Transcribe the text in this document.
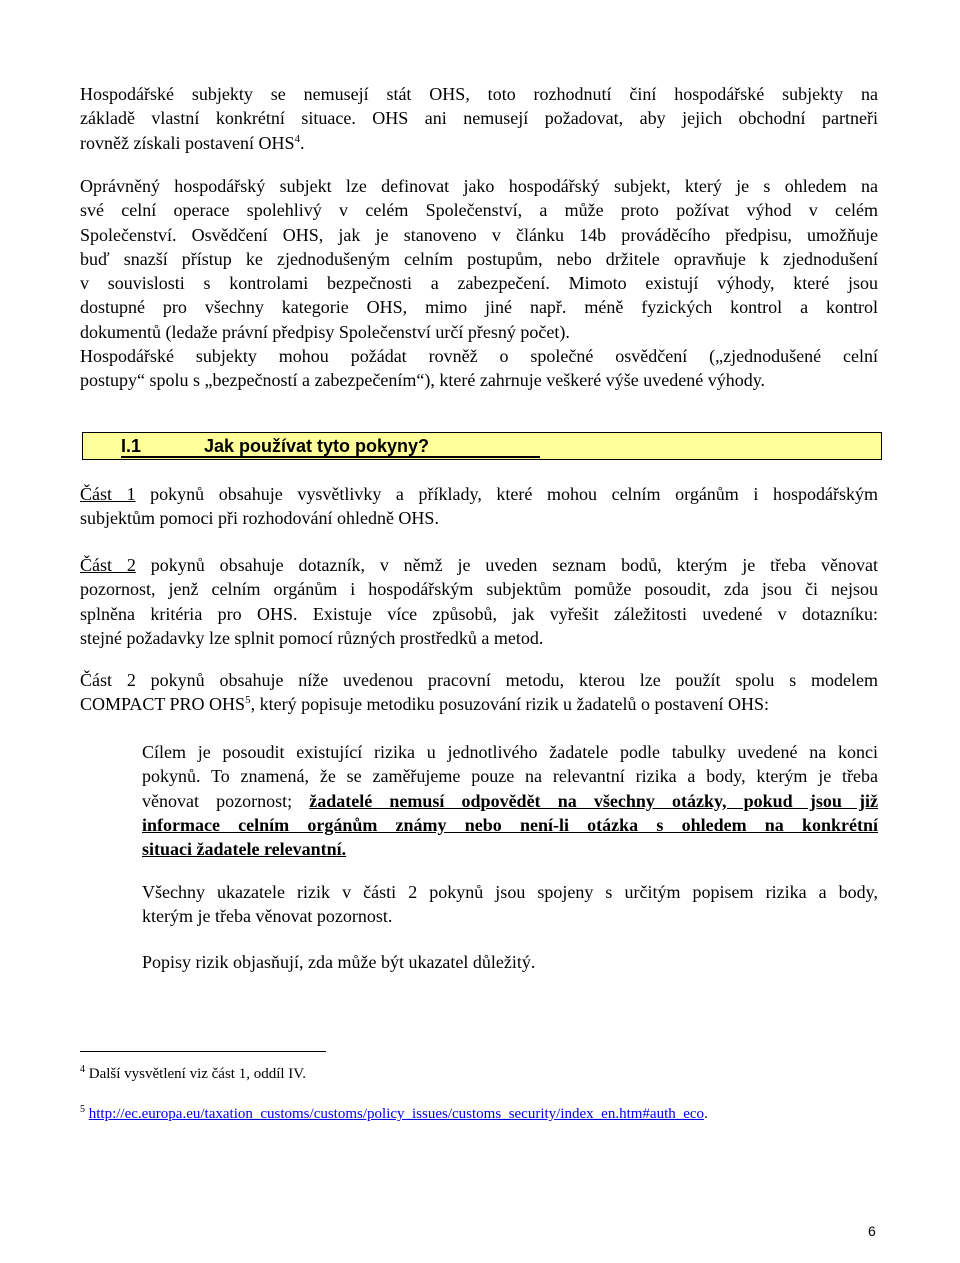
Hospodářské subjekty se nemusejí stát OHS, toto rozhodnutí činí hospodářské subjekty na
základě vlastní konkrétní situace. OHS ani nemusejí požadovat, aby jejich obchodní partneři
rovněž získali postavení OHS$^4$.
Oprávněný hospodářský subjekt lze definovat jako hospodářský subjekt, který je s ohledem na
své celní operace spolehlivý v celém Společenství, a může proto požívat výhod v celém
Společenství. Osvědčení OHS, jak je stanoveno v článku 14b prováděcího předpisu, umožňuje
buď snazší přístup ke zjednodušeným celním postupům, nebo držitele opravňuje k zjednodušení
v souvislosti s kontrolami bezpečnosti a zabezpečení. Mimoto existují výhody, které jsou
dostupné pro všechny kategorie OHS, mimo jiné např. méně fyzických kontrol a kontrol
dokumentů (ledaže právní předpisy Společenství určí přesný počet).
Hospodářské subjekty mohou požádat rovněž o společné osvědčení („zjednodušené celní
postupy“ spolu s „bezpečností a zabezpečením“), které zahrnuje veškeré výše uvedené výhody.
I.1	Jak používat tyto pokyny?
Část 1 pokynů obsahuje vysvětlivky a příklady, které mohou celním orgánům i hospodářským
subjektům pomoci při rozhodování ohledně OHS.
Část 2 pokynů obsahuje dotazník, v němž je uveden seznam bodů, kterým je třeba věnovat
pozornost, jenž celním orgánům i hospodářským subjektům pomůže posoudit, zda jsou či nejsou
splněna kritéria pro OHS. Existuje více způsobů, jak vyřešit záležitosti uvedené v dotazníku:
stejné požadavky lze splnit pomocí různých prostředků a metod.
Část 2 pokynů obsahuje níže uvedenou pracovní metodu, kterou lze použít spolu s modelem
COMPACT PRO OHS$^5$, který popisuje metodiku posuzování rizik u žadatelů o postavení OHS:
Cílem je posoudit existující rizika u jednotlivého žadatele podle tabulky uvedené na konci
pokynů. To znamená, že se zaměřujeme pouze na relevantní rizika a body, kterým je třeba
věnovat pozornost; žadatelé nemusí odpovědět na všechny otázky, pokud jsou již
informace celním orgánům známy nebo není-li otázka s ohledem na konkrétní
situaci žadatele relevantní.
Všechny ukazatele rizik v části 2 pokynů jsou spojeny s určitým popisem rizika a body,
kterým je třeba věnovat pozornost.
Popisy rizik objasňují, zda může být ukazatel důležitý.
$^4$ Další vysvětlení viz část 1, oddíl IV.
$^5$ http://ec.europa.eu/taxation_customs/customs/policy_issues/customs_security/index_en.htm#auth_eco.
6
